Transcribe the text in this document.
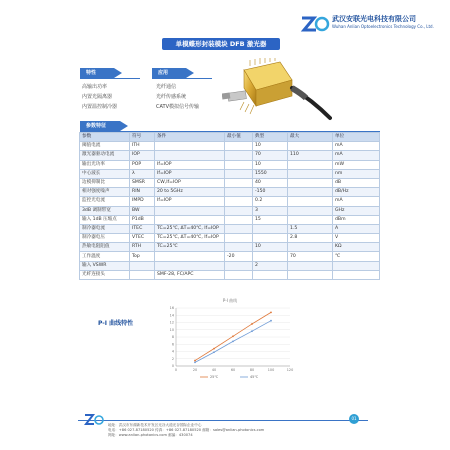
武汉安联光电科技有限公司
Wuhan Anlian Optoelectronics Technology Co., Ltd.
单模蝶形封装模块 DFB 激光器
特性	应用
高输出功率
内置光隔离器
内置温控制冷器
光纤通信
光纤传感系统
CATV模拟信号传输
参数特征
参数	符号	条件	最小值	典型	最大	单位
阈值电流	ITH			10		mA
激光器驱动电流	IOP			70	110	mA
输出光功率	POP	If=IOP		10		mW
中心波长	λ	If=IOP		1550		nm
边模抑制比	SMSR	CW,If=IOP		40		dB
相对强度噪声	RIN	20 to 5GHz		-150		dB/Hz
监控光电流	IMPD	If=IOP		0.2		mA
3dB 调制带宽	BW			3		GHz
输入 1dB 压缩点	P1dB			15		dBm
制冷器电流	ITEC	TC=25℃, ΔT=40℃, If=IOP			1.5	A
制冷器电压	VTEC	TC=25℃, ΔT=40℃, If=IOP			2.8	V
热敏电阻阻值	RTH	TC=25℃		10		KΩ
工作温度	Top		-20		70	℃
输入 VSWR				2		
光纤连接头		SMF-28, FC/APC				
P-I 曲线特性
P-I 曲线
0
2
4
6
8
10
12
14
16
0	20	40	60	80	100	120
25℃	45℃
地址：武汉市东湖新技术开发区光谷大道光谷国际企业中心
电话：+86 027-87180520 传真：+86 027-87180520 邮箱：sales@anlian-photonics.com
网址：www.anlian-photonics.com 邮编：430074
01
